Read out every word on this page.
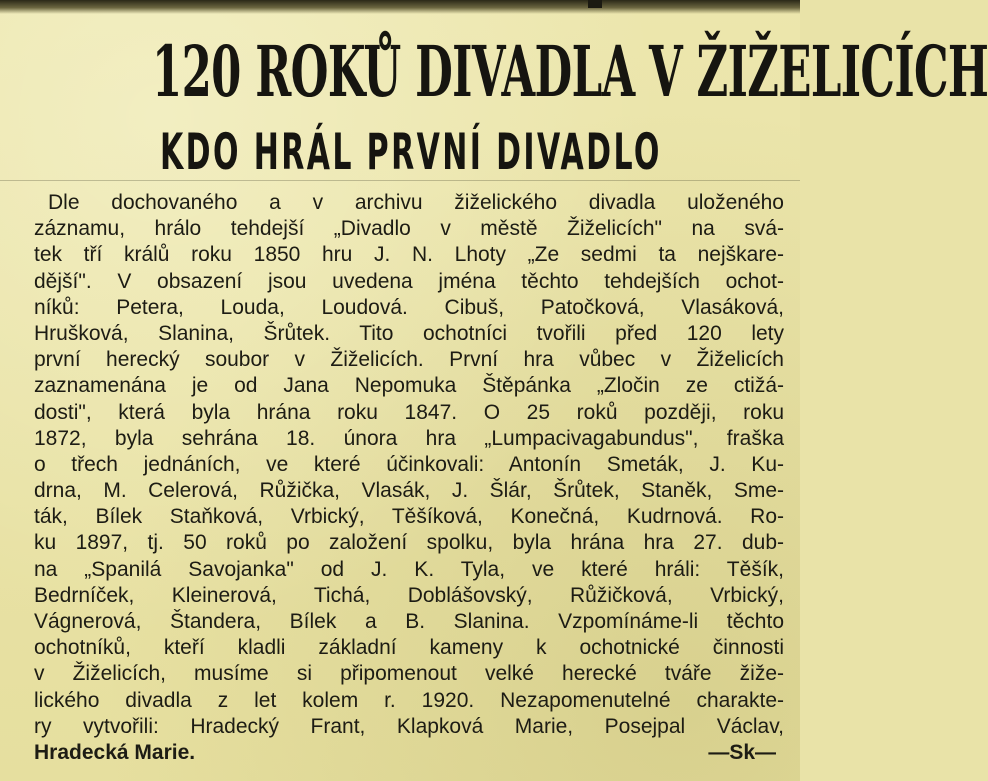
120 ROKŮ DIVADLA V ŽIŽELICÍCH
KDO HRÁL PRVNÍ DIVADLO
Dle dochovaného a v archivu žiželického divadla uloženého
záznamu, hrálo tehdejší „Divadlo v městě Žiželicích" na svá-
tek tří králů roku 1850 hru J. N. Lhoty „Ze sedmi ta nejškare-
dější". V obsazení jsou uvedena jména těchto tehdejších ochot-
níků: Petera, Louda, Loudová. Cibuš, Patočková, Vlasáková,
Hrušková, Slanina, Šrůtek. Tito ochotníci tvořili před 120 lety
první herecký soubor v Žiželicích. První hra vůbec v Žiželicích
zaznamenána je od Jana Nepomuka Štěpánka „Zločin ze ctižá-
dosti", která byla hrána roku 1847. O 25 roků později, roku
1872, byla sehrána 18. února hra „Lumpacivagabundus", fraška
o třech jednáních, ve které účinkovali: Antonín Smeták, J. Ku-
drna, M. Celerová, Růžička, Vlasák, J. Šlár, Šrůtek, Staněk, Sme-
ták, Bílek Staňková, Vrbický, Těšíková, Konečná, Kudrnová. Ro-
ku 1897, tj. 50 roků po založení spolku, byla hrána hra 27. dub-
na „Spanilá Savojanka" od J. K. Tyla, ve které hráli: Těšík,
Bedrníček, Kleinerová, Tichá, Doblášovský, Růžičková, Vrbický,
Vágnerová, Štandera, Bílek a B. Slanina. Vzpomínáme-li těchto
ochotníků, kteří kladli základní kameny k ochotnické činnosti
v Žiželicích, musíme si připomenout velké herecké tváře žiže-
lického divadla z let kolem r. 1920. Nezapomenutelné charakte-
ry vytvořili: Hradecký Frant, Klapková Marie, Posejpal Václav,
Hradecká Marie.	—Sk—
